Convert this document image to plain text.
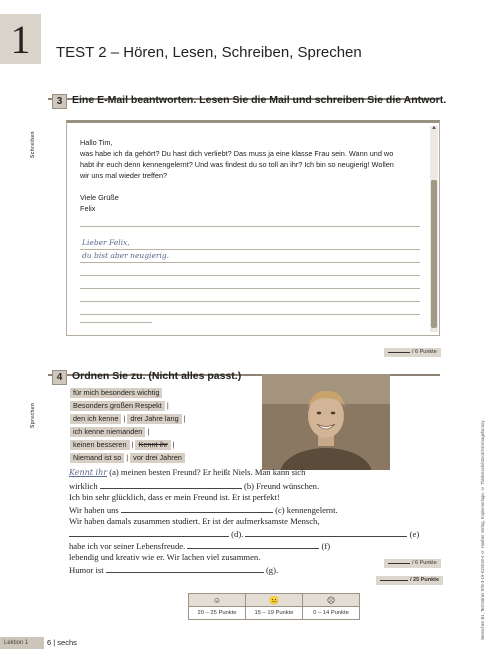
1 TEST 2 – Hören, Lesen, Schreiben, Sprechen
3 Eine E-Mail beantworten. Lesen Sie die Mail und schreiben Sie die Antwort.
Schreiben
▲
Hallo Tim,
was habe ich da gehört? Du hast dich verliebt? Das muss ja eine klasse Frau sein. Wann und wo
habt ihr euch denn kennengelernt? Und was findest du so toll an ihr? Ich bin so neugierig! Wollen
wir uns mal wieder treffen?
Viele Grüße
Felix
Lieber Felix,
du bist aber neugierig.
/ 6 Punkte
4 Ordnen Sie zu. (Nicht alles passt.)
Sprechen
für mich besonders wichtig
Besonders großen Respekt |
den ich kenne | drei Jahre lang |
ich kenne niemanden |
keinen besseren | Kennt ihr |
Niemand ist so | vor drei Jahren
Kennt ihr (a) meinen besten Freund? Er heißt Niels. Man kann sich
wirklich	(b) Freund wünschen.
Ich bin sehr glücklich, dass er mein Freund ist. Er ist perfekt!
Wir haben uns	(c) kennengelernt.
Wir haben damals zusammen studiert. Er ist der aufmerksamste Mensch,
(d).	(e)
habe ich vor seiner Lebensfreude.	(f)
lebendig und kreativ wie er. Wir lachen viel zusammen.
Humor ist	(g).
/ 6 Punkte
/ 25 Punkte
☺	😐	☹
20 – 25 Punkte	15 – 19 Punkte	0 – 14 Punkte
Lektion 1	6 | sechs
Menschen B1, Testtrainer 978-3-19-019018-4 © Hueber Verlag, Kopiervorlage, © Thinkstock/iStock/minimagefactory
